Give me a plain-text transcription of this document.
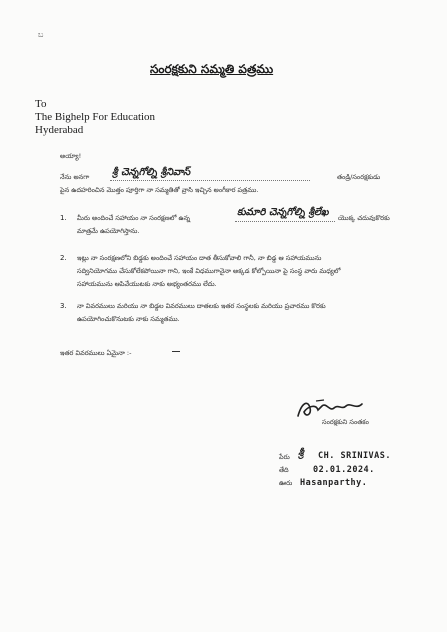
ಬ
సంరక్షకుని సమ్మతి పత్రము
To
The Bighelp For Education
Hyderabad
అయ్యా!
నేను అనగా శ్రీ చెన్నగోల్ని శ్రీనివాస్	తండ్రి/సంరక్షకుడు
పైన ఉదహరించిన మొత్తం పూర్తిగా నా సమ్మతితో వ్రాసి ఇచ్చిన అంగీకార పత్రము.
1. మీరు అందించే సహాయం నా సంరక్షణలో ఉన్న	కుమారి చెన్నగోల్ని శ్రీలేఖ యొక్క చదువుకొరకు
మాత్రమే ఉపయోగిస్తాను.
2. ఇట్లు నా సంరక్షణలోని బిడ్డకు అందించే సహాయం దాత తీసుకోవాలి గానీ, నా బిడ్డ ఆ సహాయమును
సద్వినియోగము చేసుకోలేకపోయినా గాని, ఇంకే విధముగానైనా అక్కడ కోల్పోయినా పై సంస్థ వారు మధ్యలో
సహాయమును ఆపివేయుటకు నాకు అభ్యంతరము లేదు.
3. నా వివరములు మరియు నా బిడ్డల వివరములు దాతలకు ఇతర సంస్థలకు మరియు ప్రచారము కొరకు
ఉపయోగించుకొనుటకు నాకు సమ్మతము.
ఇతర వివరములు ఏమైనా :-
సంరక్షకుని సంతకం
పేరు శ్రీ CH. SRINIVAS.
తేది	02.01.2024.
ఊరు Hasanparthy.
